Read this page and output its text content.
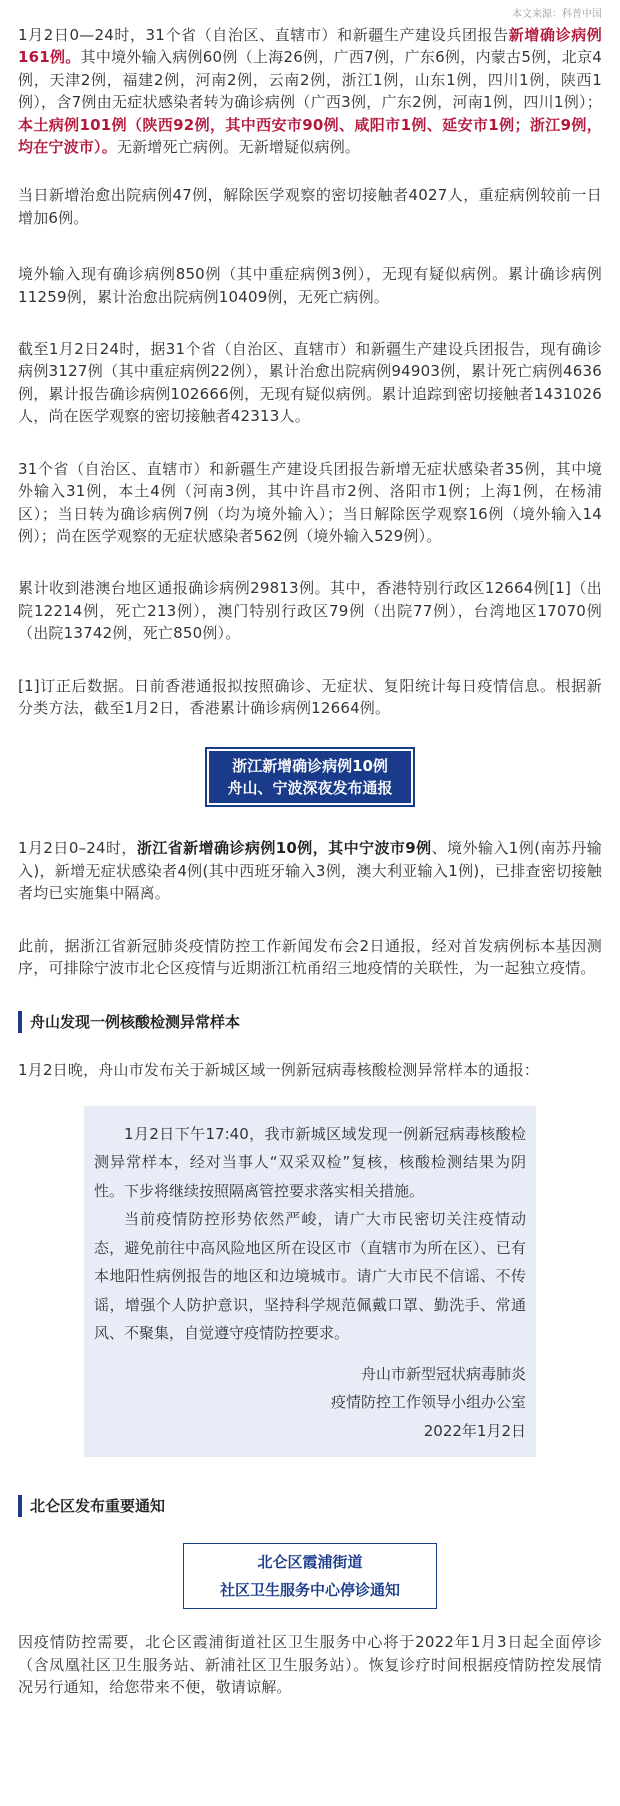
本文来源：科普中国

1月2日0—24时，31个省（自治区、直辖市）和新疆生产建设兵团报告新增确诊病例161例。其中境外输入病例60例（上海26例，广西7例，广东6例，内蒙古5例，北京4例，天津2例，福建2例，河南2例，云南2例，浙江1例，山东1例，四川1例，陕西1例），含7例由无症状感染者转为确诊病例（广西3例，广东2例，河南1例，四川1例）；本土病例101例（陕西92例，其中西安市90例、咸阳市1例、延安市1例；浙江9例，均在宁波市）。无新增死亡病例。无新增疑似病例。

当日新增治愈出院病例47例，解除医学观察的密切接触者4027人，重症病例较前一日增加6例。

境外输入现有确诊病例850例（其中重症病例3例），无现有疑似病例。累计确诊病例11259例，累计治愈出院病例10409例，无死亡病例。

截至1月2日24时，据31个省（自治区、直辖市）和新疆生产建设兵团报告，现有确诊病例3127例（其中重症病例22例），累计治愈出院病例94903例，累计死亡病例4636例，累计报告确诊病例102666例，无现有疑似病例。累计追踪到密切接触者1431026人，尚在医学观察的密切接触者42313人。

31个省（自治区、直辖市）和新疆生产建设兵团报告新增无症状感染者35例，其中境外输入31例，本土4例（河南3例，其中许昌市2例、洛阳市1例；上海1例，在杨浦区）；当日转为确诊病例7例（均为境外输入）；当日解除医学观察16例（境外输入14例）；尚在医学观察的无症状感染者562例（境外输入529例）。

累计收到港澳台地区通报确诊病例29813例。其中，香港特别行政区12664例[1]（出院12214例，死亡213例），澳门特别行政区79例（出院77例），台湾地区17070例（出院13742例，死亡850例）。

[1]订正后数据。日前香港通报拟按照确诊、无症状、复阳统计每日疫情信息。根据新分类方法，截至1月2日，香港累计确诊病例12664例。

浙江新增确诊病例10例
舟山、宁波深夜发布通报

1月2日0–24时，浙江省新增确诊病例10例，其中宁波市9例、境外输入1例(南苏丹输入)，新增无症状感染者4例(其中西班牙输入3例，澳大利亚输入1例)，已排查密切接触者均已实施集中隔离。

此前，据浙江省新冠肺炎疫情防控工作新闻发布会2日通报，经对首发病例标本基因测序，可排除宁波市北仑区疫情与近期浙江杭甬绍三地疫情的关联性，为一起独立疫情。

舟山发现一例核酸检测异常样本

1月2日晚，舟山市发布关于新城区域一例新冠病毒核酸检测异常样本的通报：

1月2日下午17:40，我市新城区域发现一例新冠病毒核酸检测异常样本，经对当事人“双采双检”复核，核酸检测结果为阴性。下步将继续按照隔离管控要求落实相关措施。

当前疫情防控形势依然严峻，请广大市民密切关注疫情动态，避免前往中高风险地区所在设区市（直辖市为所在区）、已有本地阳性病例报告的地区和边境城市。请广大市民不信谣、不传谣，增强个人防护意识，坚持科学规范佩戴口罩、勤洗手、常通风、不聚集，自觉遵守疫情防控要求。

舟山市新型冠状病毒肺炎

疫情防控工作领导小组办公室

2022年1月2日

北仑区发布重要通知
北仑区霞浦街道
社区卫生服务中心停诊通知

因疫情防控需要，北仑区霞浦街道社区卫生服务中心将于2022年1月3日起全面停诊（含凤凰社区卫生服务站、新浦社区卫生服务站）。恢复诊疗时间根据疫情防控发展情况另行通知，给您带来不便，敬请谅解。
